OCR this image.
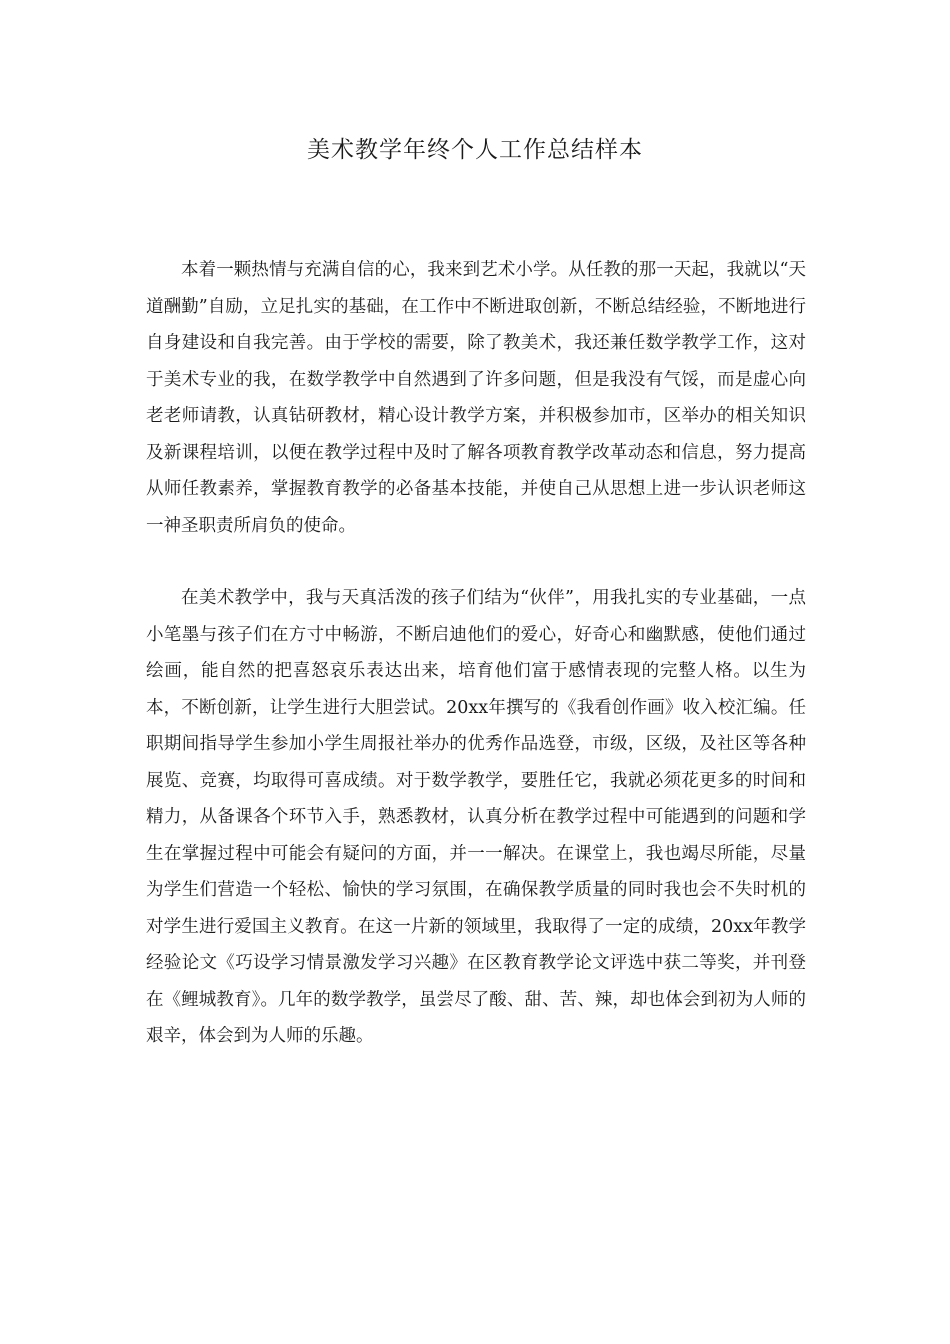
美术教学年终个人工作总结样本

本着一颗热情与充满自信的心，我来到艺术小学。从任教的那一天起，我就以“天道酬勤”自励，立足扎实的基础，在工作中不断进取创新，不断总结经验，不断地进行自身建设和自我完善。由于学校的需要，除了教美术，我还兼任数学教学工作，这对于美术专业的我，在数学教学中自然遇到了许多问题，但是我没有气馁，而是虚心向老老师请教，认真钻研教材，精心设计教学方案，并积极参加市，区举办的相关知识及新课程培训，以便在教学过程中及时了解各项教育教学改革动态和信息，努力提高从师任教素养，掌握教育教学的必备基本技能，并使自己从思想上进一步认识老师这一神圣职责所肩负的使命。

在美术教学中，我与天真活泼的孩子们结为“伙伴”，用我扎实的专业基础，一点小笔墨与孩子们在方寸中畅游，不断启迪他们的爱心，好奇心和幽默感，使他们通过绘画，能自然的把喜怒哀乐表达出来，培育他们富于感情表现的完整人格。以生为本，不断创新，让学生进行大胆尝试。20xx年撰写的《我看创作画》收入校汇编。任职期间指导学生参加小学生周报社举办的优秀作品选登，市级，区级，及社区等各种展览、竞赛，均取得可喜成绩。对于数学教学，要胜任它，我就必须花更多的时间和精力，从备课各个环节入手，熟悉教材，认真分析在教学过程中可能遇到的问题和学生在掌握过程中可能会有疑问的方面，并一一解决。在课堂上，我也竭尽所能，尽量为学生们营造一个轻松、愉快的学习氛围，在确保教学质量的同时我也会不失时机的对学生进行爱国主义教育。在这一片新的领域里，我取得了一定的成绩，20xx年教学经验论文《巧设学习情景激发学习兴趣》在区教育教学论文评选中获二等奖，并刊登在《鲤城教育》。几年的数学教学，虽尝尽了酸、甜、苦、辣，却也体会到初为人师的艰辛，体会到为人师的乐趣。
